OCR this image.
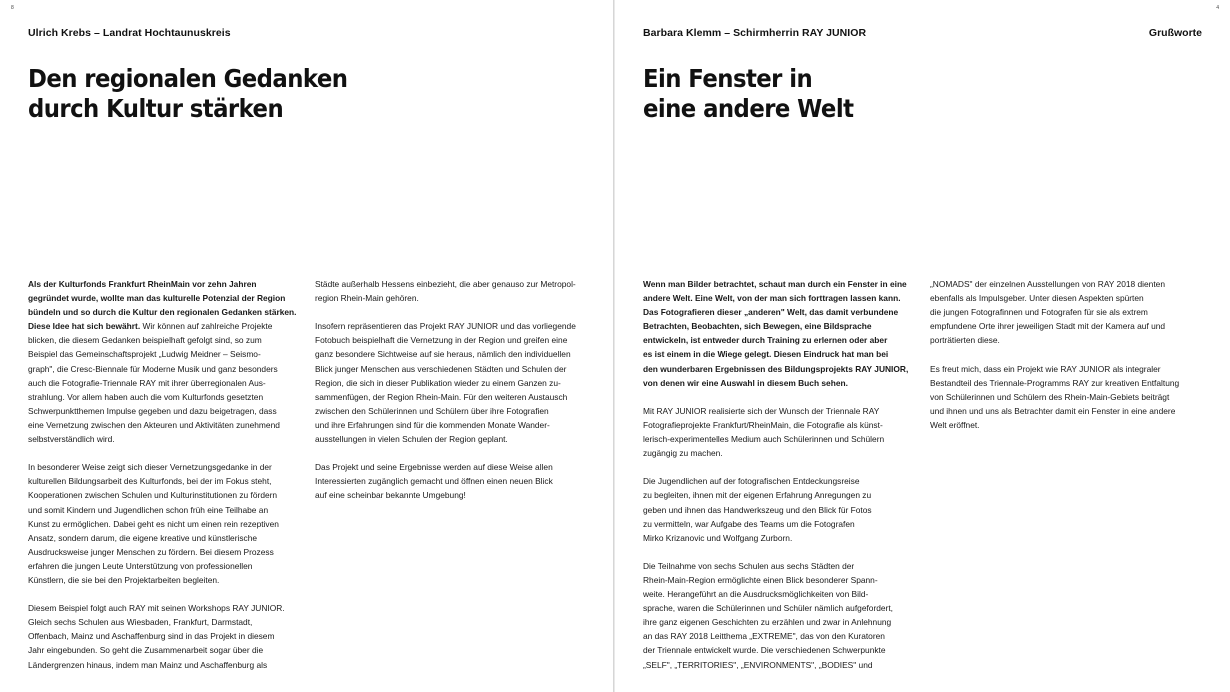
8
Ulrich Krebs – Landrat Hochtaunuskreis
Den regionalen Gedanken
durch Kultur stärken

Als der Kulturfonds Frankfurt RheinMain vor zehn Jahren
gegründet wurde, wollte man das kulturelle Potenzial der Region
bündeln und so durch die Kultur den regionalen Gedanken stärken.
Diese Idee hat sich bewährt. Wir können auf zahlreiche Projekte
blicken, die diesem Gedanken beispielhaft gefolgt sind, so zum
Beispiel das Gemeinschaftsprojekt „Ludwig Meidner – Seismo-
graph", die Cresc-Biennale für Moderne Musik und ganz besonders
auch die Fotografie-Triennale RAY mit ihrer überregionalen Aus-
strahlung. Vor allem haben auch die vom Kulturfonds gesetzten
Schwerpunktthemen Impulse gegeben und dazu beigetragen, dass
eine Vernetzung zwischen den Akteuren und Aktivitäten zunehmend
selbstverständlich wird.

In besonderer Weise zeigt sich dieser Vernetzungsgedanke in der
kulturellen Bildungsarbeit des Kulturfonds, bei der im Fokus steht,
Kooperationen zwischen Schulen und Kulturinstitutionen zu fördern
und somit Kindern und Jugendlichen schon früh eine Teilhabe an
Kunst zu ermöglichen. Dabei geht es nicht um einen rein rezeptiven
Ansatz, sondern darum, die eigene kreative und künstlerische
Ausdrucksweise junger Menschen zu fördern. Bei diesem Prozess
erfahren die jungen Leute Unterstützung von professionellen
Künstlern, die sie bei den Projektarbeiten begleiten.

Diesem Beispiel folgt auch RAY mit seinen Workshops RAY JUNIOR.
Gleich sechs Schulen aus Wiesbaden, Frankfurt, Darmstadt,
Offenbach, Mainz und Aschaffenburg sind in das Projekt in diesem
Jahr eingebunden. So geht die Zusammenarbeit sogar über die
Ländergrenzen hinaus, indem man Mainz und Aschaffenburg als

Städte außerhalb Hessens einbezieht, die aber genauso zur Metropol-
region Rhein-Main gehören.

Insofern repräsentieren das Projekt RAY JUNIOR und das vorliegende
Fotobuch beispielhaft die Vernetzung in der Region und greifen eine
ganz besondere Sichtweise auf sie heraus, nämlich den individuellen
Blick junger Menschen aus verschiedenen Städten und Schulen der
Region, die sich in dieser Publikation wieder zu einem Ganzen zu-
sammenfügen, der Region Rhein-Main. Für den weiteren Austausch
zwischen den Schülerinnen und Schülern über ihre Fotografien
und ihre Erfahrungen sind für die kommenden Monate Wander-
ausstellungen in vielen Schulen der Region geplant.

Das Projekt und seine Ergebnisse werden auf diese Weise allen
Interessierten zugänglich gemacht und öffnen einen neuen Blick
auf eine scheinbar bekannte Umgebung!

4
Barbara Klemm – Schirmherrin RAY JUNIOR	Grußworte
Ein Fenster in
eine andere Welt

Wenn man Bilder betrachtet, schaut man durch ein Fenster in eine
andere Welt. Eine Welt, von der man sich forttragen lassen kann.
Das Fotografieren dieser „anderen" Welt, das damit verbundene
Betrachten, Beobachten, sich Bewegen, eine Bildsprache
entwickeln, ist entweder durch Training zu erlernen oder aber
es ist einem in die Wiege gelegt. Diesen Eindruck hat man bei
den wunderbaren Ergebnissen des Bildungsprojekts RAY JUNIOR,
von denen wir eine Auswahl in diesem Buch sehen.

Mit RAY JUNIOR realisierte sich der Wunsch der Triennale RAY
Fotografieprojekte Frankfurt/RheinMain, die Fotografie als künst-
lerisch-experimentelles Medium auch Schülerinnen und Schülern
zugängig zu machen.

Die Jugendlichen auf der fotografischen Entdeckungsreise
zu begleiten, ihnen mit der eigenen Erfahrung Anregungen zu
geben und ihnen das Handwerkszeug und den Blick für Fotos
zu vermitteln, war Aufgabe des Teams um die Fotografen
Mirko Krizanovic und Wolfgang Zurborn.

Die Teilnahme von sechs Schulen aus sechs Städten der
Rhein-Main-Region ermöglichte einen Blick besonderer Spann-
weite. Herangeführt an die Ausdrucksmöglichkeiten von Bild-
sprache, waren die Schülerinnen und Schüler nämlich aufgefordert,
ihre ganz eigenen Geschichten zu erzählen und zwar in Anlehnung
an das RAY 2018 Leitthema „EXTREME", das von den Kuratoren
der Triennale entwickelt wurde. Die verschiedenen Schwerpunkte
„SELF", „TERRITORIES", „ENVIRONMENTS", „BODIES" und

„NOMADS" der einzelnen Ausstellungen von RAY 2018 dienten
ebenfalls als Impulsgeber. Unter diesen Aspekten spürten
die jungen Fotografinnen und Fotografen für sie als extrem
empfundene Orte ihrer jeweiligen Stadt mit der Kamera auf und
porträtierten diese.

Es freut mich, dass ein Projekt wie RAY JUNIOR als integraler
Bestandteil des Triennale-Programms RAY zur kreativen Entfaltung
von Schülerinnen und Schülern des Rhein-Main-Gebiets beiträgt
und ihnen und uns als Betrachter damit ein Fenster in eine andere
Welt eröffnet.
